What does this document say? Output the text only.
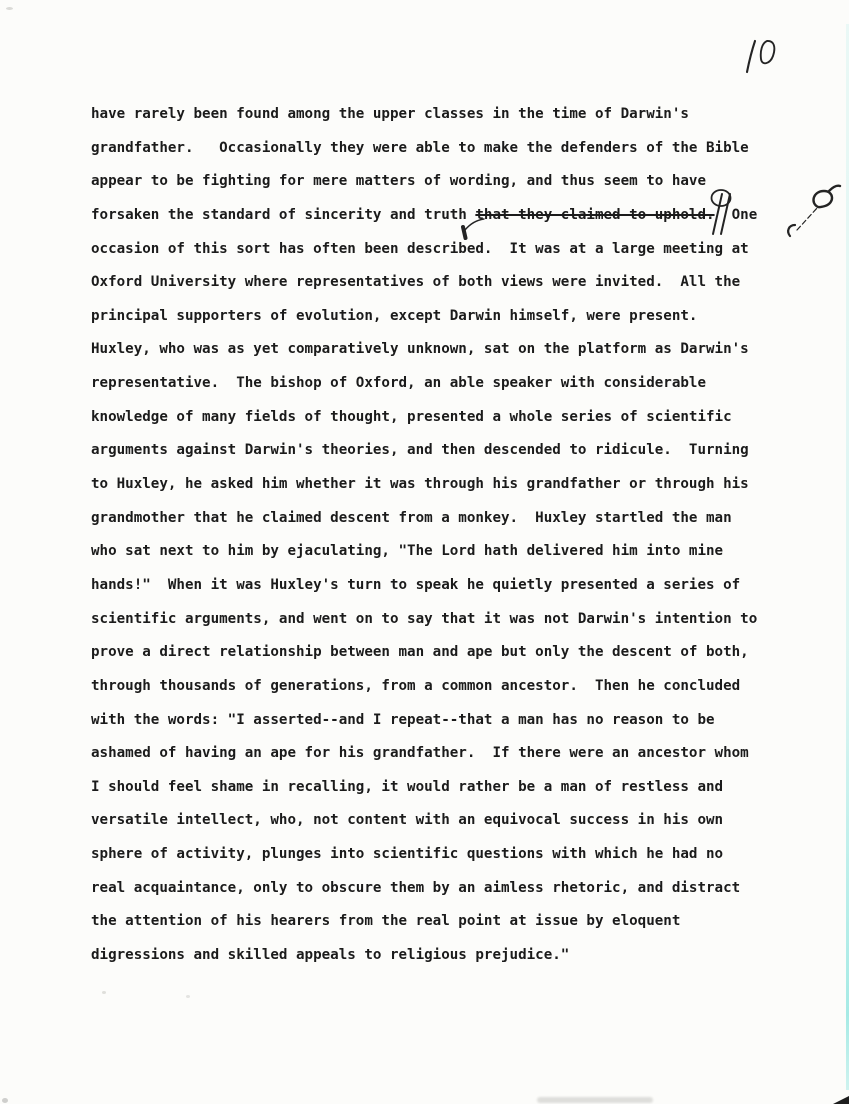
have rarely been found among the upper classes in the time of Darwin's
grandfather.   Occasionally they were able to make the defenders of the Bible
appear to be fighting for mere matters of wording, and thus seem to have
forsaken the standard of sincerity and truth that they claimed to uphold.  One
occasion of this sort has often been described.  It was at a large meeting at
Oxford University where representatives of both views were invited.  All the
principal supporters of evolution, except Darwin himself, were present.
Huxley, who was as yet comparatively unknown, sat on the platform as Darwin's
representative.  The bishop of Oxford, an able speaker with considerable
knowledge of many fields of thought, presented a whole series of scientific
arguments against Darwin's theories, and then descended to ridicule.  Turning
to Huxley, he asked him whether it was through his grandfather or through his
grandmother that he claimed descent from a monkey.  Huxley startled the man
who sat next to him by ejaculating, "The Lord hath delivered him into mine
hands!"  When it was Huxley's turn to speak he quietly presented a series of
scientific arguments, and went on to say that it was not Darwin's intention to
prove a direct relationship between man and ape but only the descent of both,
through thousands of generations, from a common ancestor.  Then he concluded
with the words: "I asserted--and I repeat--that a man has no reason to be
ashamed of having an ape for his grandfather.  If there were an ancestor whom
I should feel shame in recalling, it would rather be a man of restless and
versatile intellect, who, not content with an equivocal success in his own
sphere of activity, plunges into scientific questions with which he had no
real acquaintance, only to obscure them by an aimless rhetoric, and distract
the attention of his hearers from the real point at issue by eloquent
digressions and skilled appeals to religious prejudice."
